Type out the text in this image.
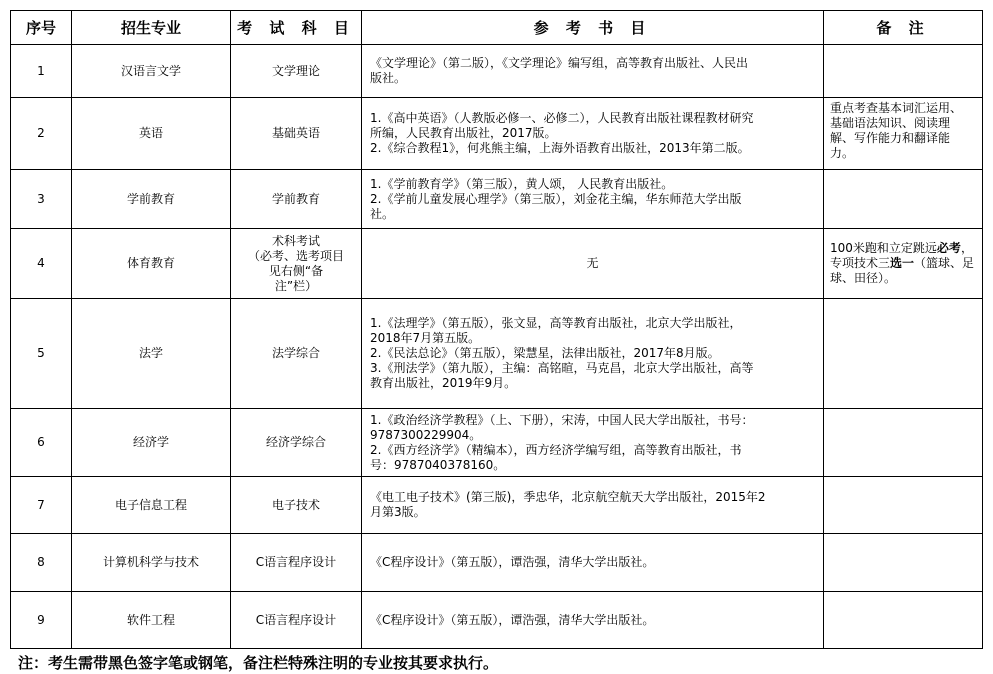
序号	招生专业	考 试 科 目	参 考 书 目	备 注
1	汉语言文学	文学理论	《文学理论》（第二版），《文学理论》编写组，高等教育出版社、人民出
版社。	

2	英语	基础英语	1.《高中英语》（人教版必修一、必修二），人民教育出版社课程教材研究
所编，人民教育出版社，2017版。
2.《综合教程1》，何兆熊主编，上海外语教育出版社，2013年第二版。	重点考查基本词汇运用、
基础语法知识、阅读理
解、写作能力和翻译能
力。

3	学前教育	学前教育	1.《学前教育学》（第三版），黄人颂， 人民教育出版社。
2.《学前儿童发展心理学》（第三版），刘金花主编，华东师范大学出版
社。	

4	体育教育	术科考试
（必考、选考项目
见右侧“备
注”栏）	无	100米跑和立定跳远必考，专项技术三选一（篮球、足球、田径）。
5	法学	法学综合	1.《法理学》（第五版），张文显，高等教育出版社，北京大学出版社，
2018年7月第五版。
2.《民法总论》（第五版），梁慧星，法律出版社，2017年8月版。
3.《刑法学》（第九版），主编：高铭暄，马克昌，北京大学出版社，高等
教育出版社，2019年9月。	

6	经济学	经济学综合	1.《政治经济学教程》（上、下册），宋涛，中国人民大学出版社，书号：
9787300229904。
2.《西方经济学》（精编本），西方经济学编写组，高等教育出版社，书
号：9787040378160。	

7	电子信息工程	电子技术	《电工电子技术》(第三版)，季忠华，北京航空航天大学出版社，2015年2
月第3版。	

8	计算机科学与技术	C语言程序设计	《C程序设计》（第五版），谭浩强，清华大学出版社。	

9	软件工程	C语言程序设计	《C程序设计》（第五版），谭浩强，清华大学出版社。	

注：考生需带黑色签字笔或钢笔，备注栏特殊注明的专业按其要求执行。
